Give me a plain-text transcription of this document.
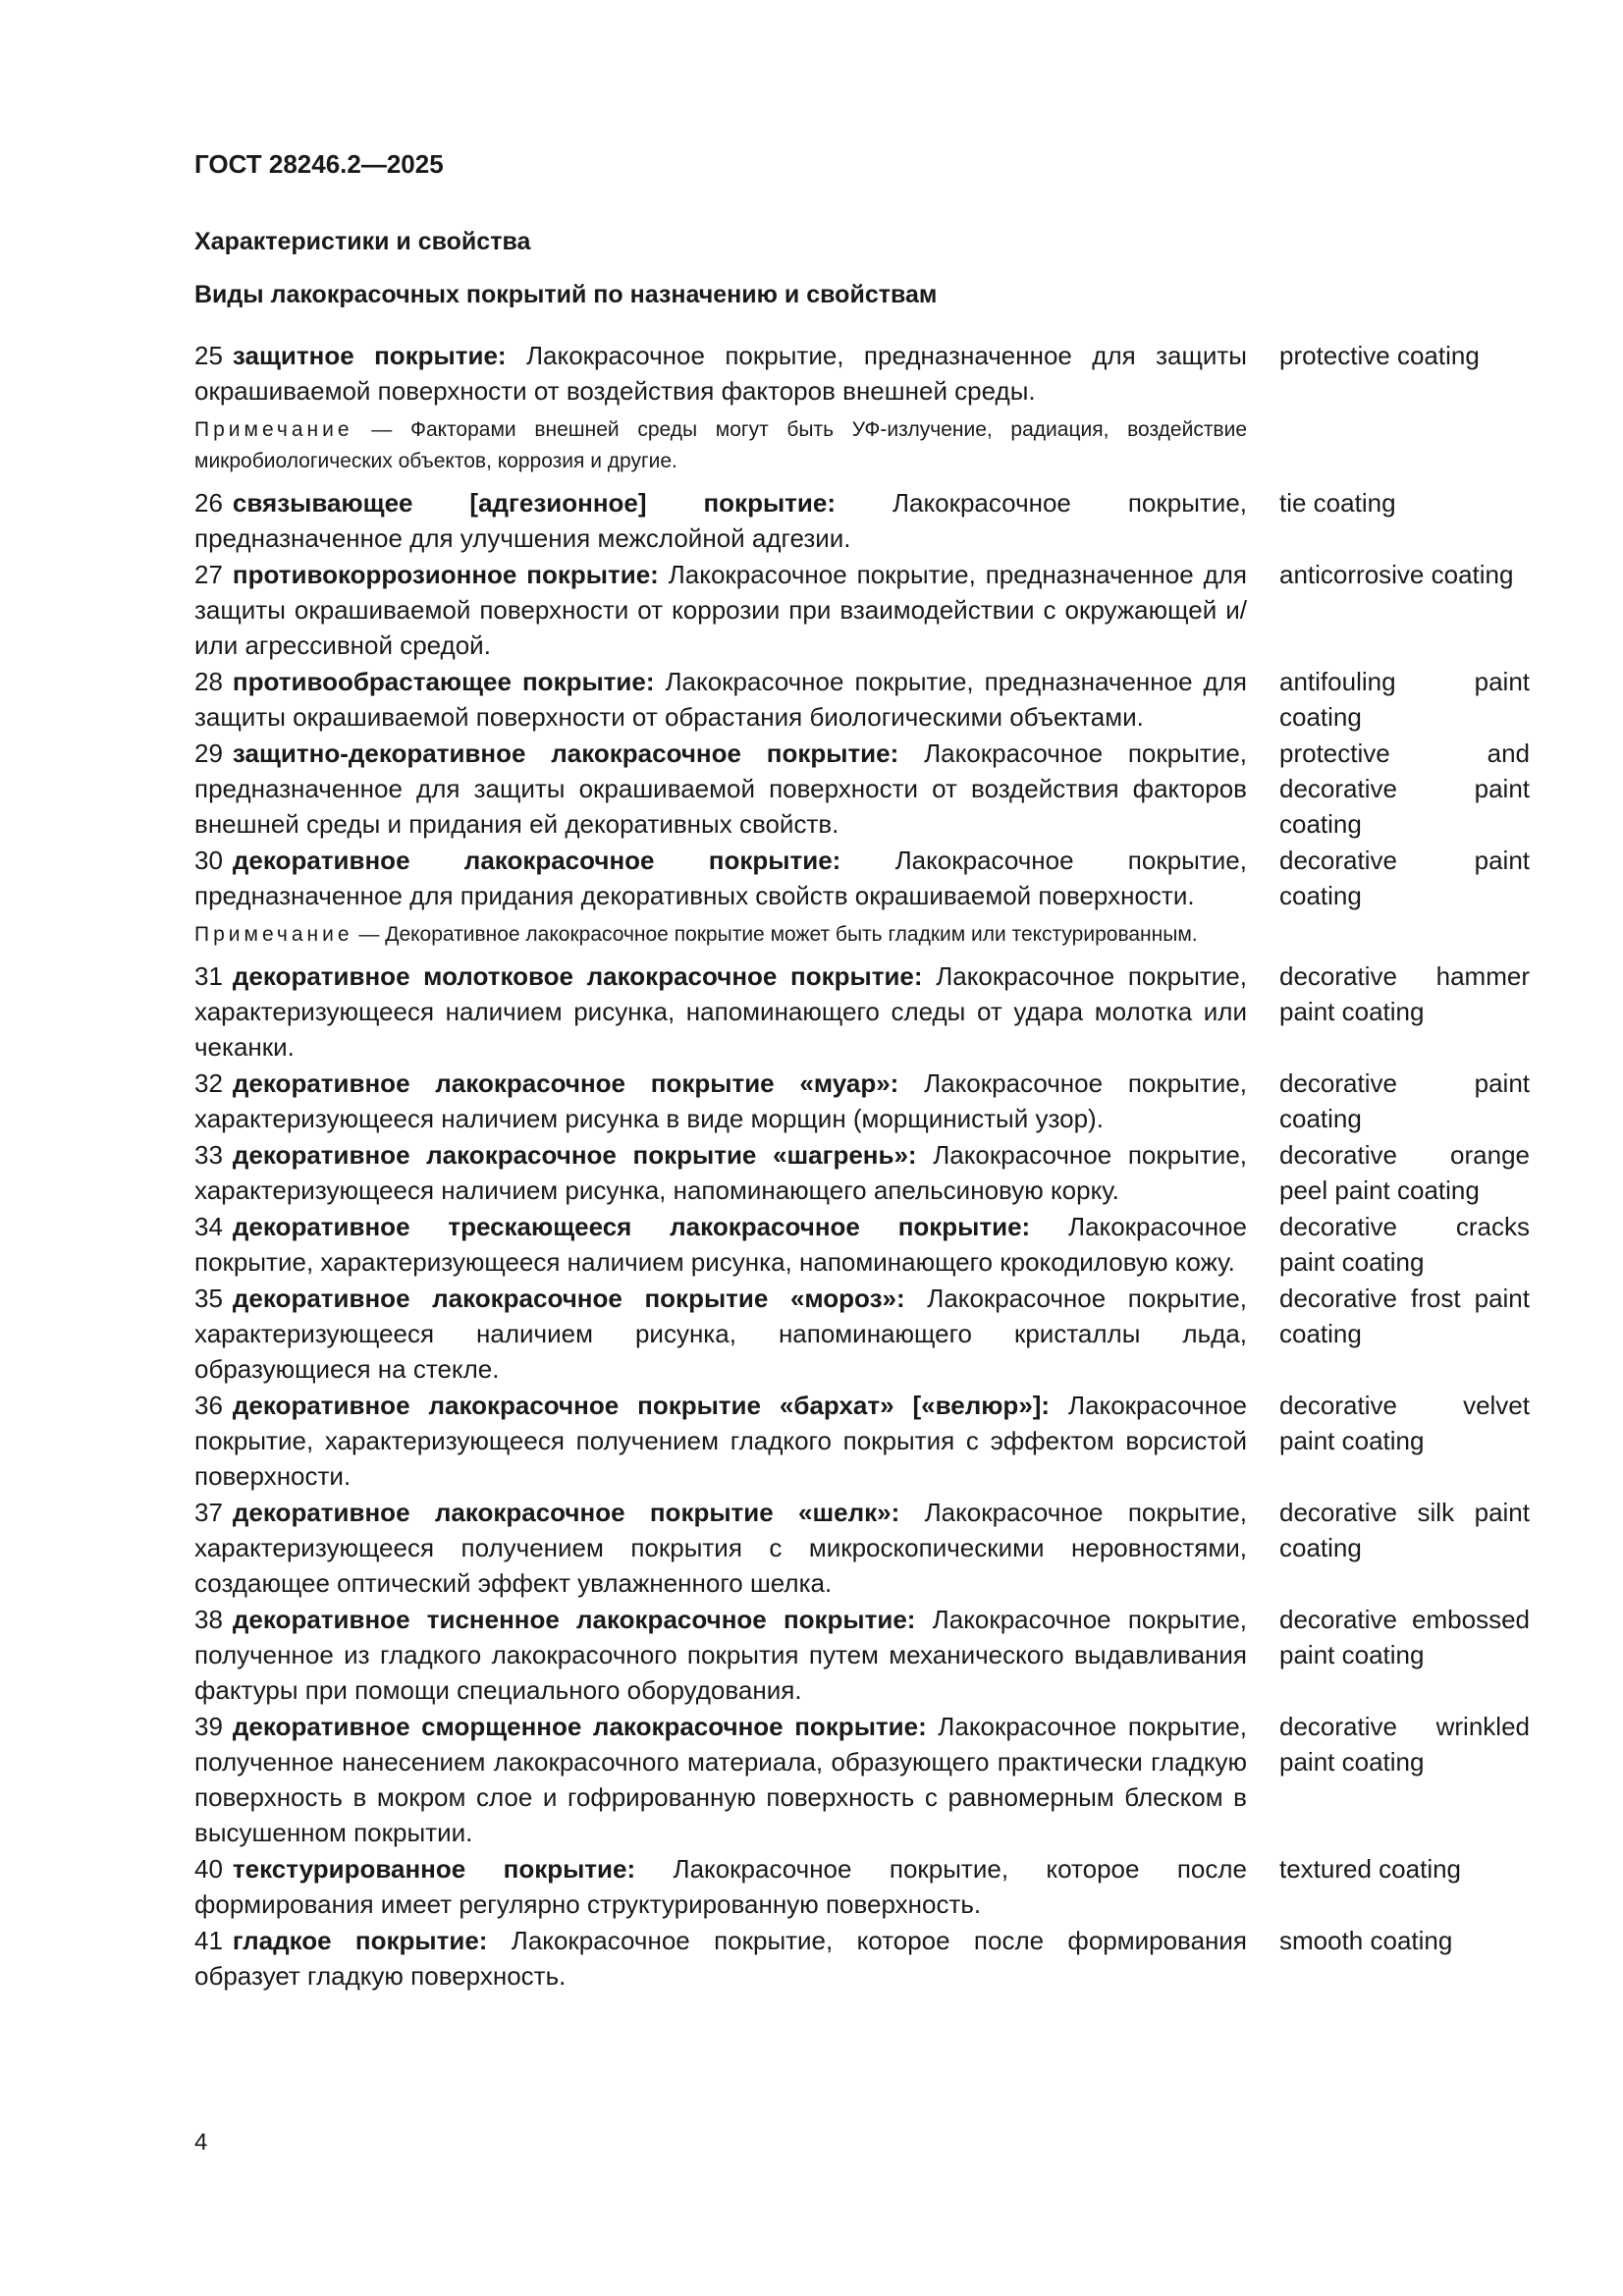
ГОСТ 28246.2—2025
Характеристики и свойства
Виды лакокрасочных покрытий по назначению и свойствам
25 защитное покрытие: Лакокрасочное покрытие, предназначенное для защиты окрашиваемой поверхности от воздействия факторов внешней среды.
protective coating
Примечание — Факторами внешней среды могут быть УФ-излучение, радиация, воздействие микробиологических объектов, коррозия и другие.
26 связывающее [адгезионное] покрытие: Лакокрасочное покрытие, предназначенное для улучшения межслойной адгезии.
tie coating
27 противокоррозионное покрытие: Лакокрасочное покрытие, предназначенное для защиты окрашиваемой поверхности от коррозии при взаимодействии с окружающей и/или агрессивной средой.
anticorrosive coating
28 противообрастающее покрытие: Лакокрасочное покрытие, предназначенное для защиты окрашиваемой поверхности от обрастания биологическими объектами.
antifouling paint coating
29 защитно-декоративное лакокрасочное покрытие: Лакокрасочное покрытие, предназначенное для защиты окрашиваемой поверхности от воздействия факторов внешней среды и придания ей декоративных свойств.
protective and decorative paint coating
30 декоративное лакокрасочное покрытие: Лакокрасочное покрытие, предназначенное для придания декоративных свойств окрашиваемой поверхности.
decorative paint coating
Примечание — Декоративное лакокрасочное покрытие может быть гладким или текстурированным.
31 декоративное молотковое лакокрасочное покрытие: Лакокрасочное покрытие, характеризующееся наличием рисунка, напоминающего следы от удара молотка или чеканки.
decorative hammer paint coating
32 декоративное лакокрасочное покрытие «муар»: Лакокрасочное покрытие, характеризующееся наличием рисунка в виде морщин (морщинистый узор).
decorative paint coating
33 декоративное лакокрасочное покрытие «шагрень»: Лакокрасочное покрытие, характеризующееся наличием рисунка, напоминающего апельсиновую корку.
decorative orange peel paint coating
34 декоративное трескающееся лакокрасочное покрытие: Лакокрасочное покрытие, характеризующееся наличием рисунка, напоминающего крокодиловую кожу.
decorative cracks paint coating
35 декоративное лакокрасочное покрытие «мороз»: Лакокрасочное покрытие, характеризующееся наличием рисунка, напоминающего кристаллы льда, образующиеся на стекле.
decorative frost paint coating
36 декоративное лакокрасочное покрытие «бархат» [«велюр»]: Лакокрасочное покрытие, характеризующееся получением гладкого покрытия с эффектом ворсистой поверхности.
decorative velvet paint coating
37 декоративное лакокрасочное покрытие «шелк»: Лакокрасочное покрытие, характеризующееся получением покрытия с микроскопическими неровностями, создающее оптический эффект увлажненного шелка.
decorative silk paint coating
38 декоративное тисненное лакокрасочное покрытие: Лакокрасочное покрытие, полученное из гладкого лакокрасочного покрытия путем механического выдавливания фактуры при помощи специального оборудования.
decorative embossed paint coating
39 декоративное сморщенное лакокрасочное покрытие: Лакокрасочное покрытие, полученное нанесением лакокрасочного материала, образующего практически гладкую поверхность в мокром слое и гофрированную поверхность с равномерным блеском в высушенном покрытии.
decorative wrinkled paint coating
40 текстурированное покрытие: Лакокрасочное покрытие, которое после формирования имеет регулярно структурированную поверхность.
textured coating
41 гладкое покрытие: Лакокрасочное покрытие, которое после формирования образует гладкую поверхность.
smooth coating
4
